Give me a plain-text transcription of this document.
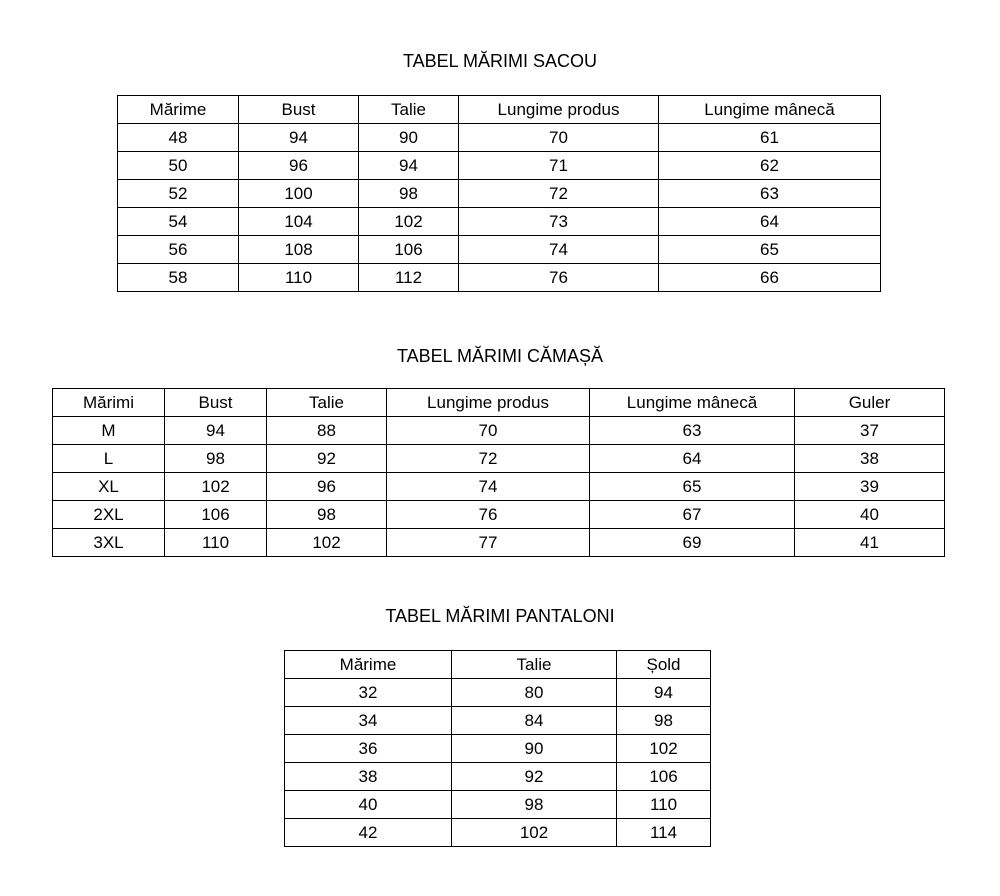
TABEL MĂRIMI SACOU
Mărime	Bust	Talie	Lungime produs	Lungime mânecă
48	94	90	70	61
50	96	94	71	62
52	100	98	72	63
54	104	102	73	64
56	108	106	74	65
58	110	112	76	66
TABEL MĂRIMI CĂMAȘĂ
Mărimi	Bust	Talie	Lungime produs	Lungime mânecă	Guler
M	94	88	70	63	37
L	98	92	72	64	38
XL	102	96	74	65	39
2XL	106	98	76	67	40
3XL	110	102	77	69	41
TABEL MĂRIMI PANTALONI
Mărime	Talie	Șold
32	80	94
34	84	98
36	90	102
38	92	106
40	98	110
42	102	114
